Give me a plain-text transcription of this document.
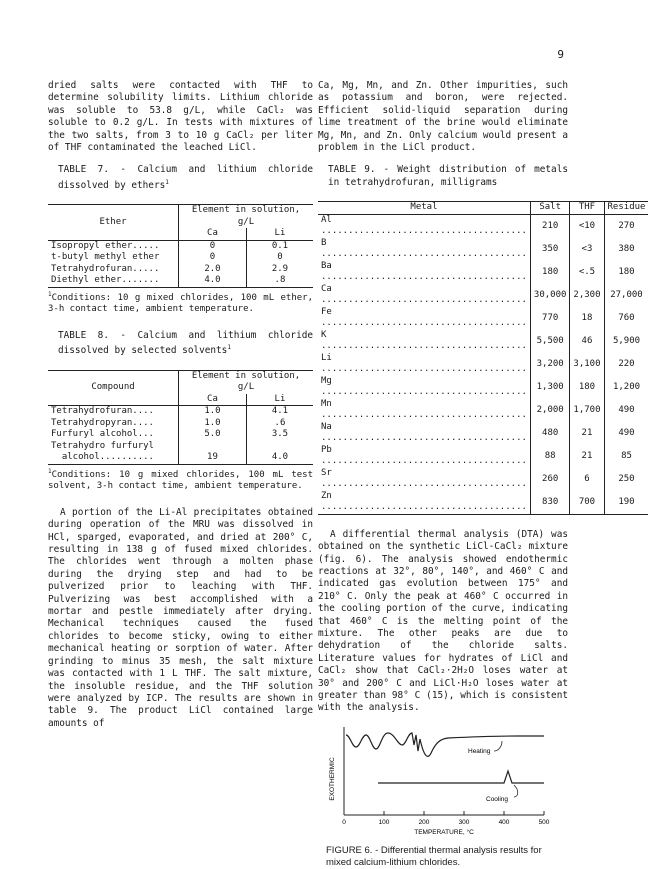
9

dried salts were contacted with THF to determine solubility limits. Lithium chloride was soluble to 53.8 g/L, while CaCl₂ was soluble to 0.2 g/L. In tests with mixtures of the two salts, from 3 to 10 g CaCl₂ per liter of THF contaminated the leached LiCl.

TABLE 7. - Calcium and lithium chloride dissolved by ethers$^1$

Ether	Element in solution, g/L	
	Ca	Li
Isopropyl ether.....	0	0.1
t-butyl methyl ether	0	0
Tetrahydrofuran.....	2.0	2.9
Diethyl ether.......	4.0	.8

$^1$Conditions: 10 g mixed chlorides, 100 mL ether, 3-h contact time, ambient temperature.

TABLE 8. - Calcium and lithium chloride dissolved by selected solvents$^1$

Compound	Element in solution, g/L	
	Ca	Li
Tetrahydrofuran....	1.0	4.1
Tetrahydropyran....	1.0	.6
Furfuryl alcohol...	5.0	3.5
Tetrahydro furfuryl		
alcohol..........	19	4.0

$^1$Conditions: 10 g mixed chlorides, 100 mL test solvent, 3-h contact time, ambient temperature.

A portion of the Li-Al precipitates obtained during operation of the MRU was dissolved in HCl, sparged, evaporated, and dried at 200° C, resulting in 138 g of fused mixed chlorides. The chlorides went through a molten phase during the drying step and had to be pulverized prior to leaching with THF. Pulverizing was best accomplished with a mortar and pestle immediately after drying. Mechanical techniques caused the fused chlorides to become sticky, owing to either mechanical heating or sorption of water. After grinding to minus 35 mesh, the salt mixture was contacted with 1 L THF. The salt mixture, the insoluble residue, and the THF solution were analyzed by ICP. The results are shown in table 9. The product LiCl contained large amounts of

Ca, Mg, Mn, and Zn. Other impurities, such as potassium and boron, were rejected. Efficient solid-liquid separation during lime treatment of the brine would eliminate Mg, Mn, and Zn. Only calcium would present a problem in the LiCl product.

TABLE 9. - Weight distribution of metals in tetrahydrofuran, milligrams

Metal	Salt	THF	Residue
Al .....	210	<10	270
B .....	350	<3	380
Ba .....	180	<.5	180
Ca .....	30,000	2,300	27,000
Fe .....	770	18	760
K .....	5,500	46	5,900
Li .....	3,200	3,100	220
Mg .....	1,300	180	1,200
Mn .....	2,000	1,700	490
Na .....	480	21	490
Pb .....	88	21	85
Sr .....	260	6	250
Zn .....	830	700	190

A differential thermal analysis (DTA) was obtained on the synthetic LiCl-CaCl₂ mixture (fig. 6). The analysis showed endothermic reactions at 32°, 80°, 140°, and 460° C and indicated gas evolution between 175° and 210° C. Only the peak at 460° C occurred in the cooling portion of the curve, indicating that 460° C is the melting point of the mixture. The other peaks are due to dehydration of the chloride salts. Literature values for hydrates of LiCl and CaCl₂ show that CaCl₂·2H₂O loses water at 30° and 200° C and LiCl·H₂O loses water at greater than 98° C (15), which is consistent with the analysis.

Heating
Cooling
0	100	200	300	400	500
TEMPERATURE, °C
EXOTHERMIC
FIGURE 6. - Differential thermal analysis results for mixed calcium-lithium chlorides.
